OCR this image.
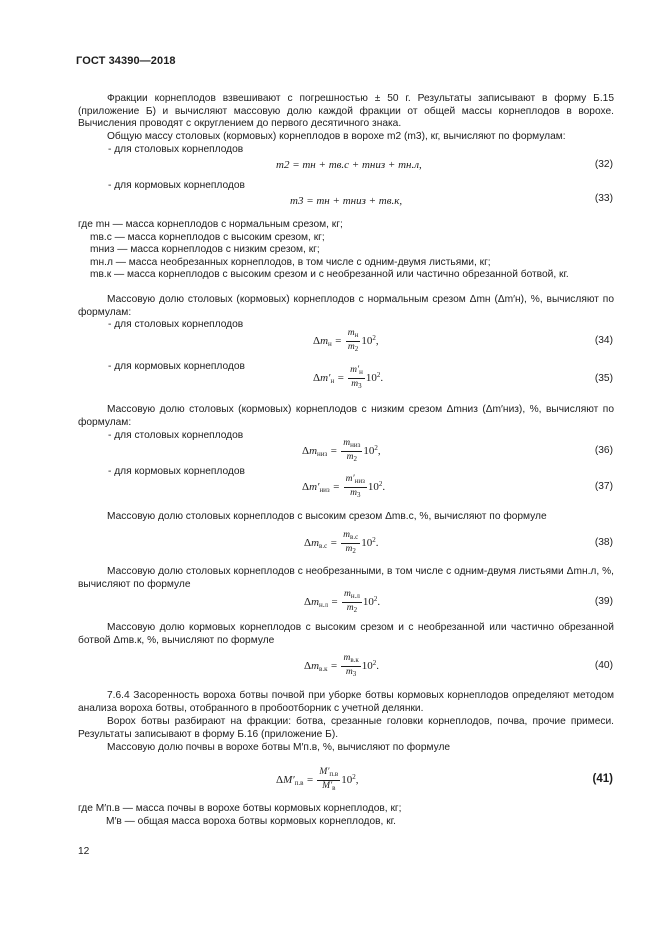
ГОСТ 34390—2018
Фракции корнеплодов взвешивают с погрешностью ± 50 г. Результаты записывают в форму Б.15 (приложение Б) и вычисляют массовую долю каждой фракции от общей массы корнеплодов в ворохе. Вычисления проводят с округлением до первого десятичного знака.
Общую массу столовых (кормовых) корнеплодов в ворохе m2 (m3), кг, вычисляют по формулам:
- для столовых корнеплодов
m2 = mн + mв.с + mниз + mн.л,	(32)
- для кормовых корнеплодов
m3 = mн + mниз + mв.к,	(33)
где mн — масса корнеплодов с нормальным срезом, кг;
mв.с — масса корнеплодов с высоким срезом, кг;
mниз — масса корнеплодов с низким срезом, кг;
mн.л — масса необрезанных корнеплодов, в том числе с одним-двумя листьями, кг;
mв.к — масса корнеплодов с высоким срезом и с необрезанной или частично обрезанной ботвой, кг.
Массовую долю столовых (кормовых) корнеплодов с нормальным срезом Δmн (Δm′н), %, вычисляют по формулам:
- для столовых корнеплодов
$\Delta m_н = \frac{m_н}{m_2} 10^2$,	(34)
- для кормовых корнеплодов
$\Delta m'_н = \frac{m'_н}{m_3} 10^2$.	(35)
Массовую долю столовых (кормовых) корнеплодов с низким срезом Δmниз (Δm′низ), %, вычисляют по формулам:
- для столовых корнеплодов
$\Delta m_{низ} = \frac{m_{низ}}{m_2} 10^2$,	(36)
- для кормовых корнеплодов
$\Delta m'_{низ} = \frac{m'_{низ}}{m_3} 10^2$.	(37)
Массовую долю столовых корнеплодов с высоким срезом Δmв.с, %, вычисляют по формуле
$\Delta m_{в.с} = \frac{m_{в.с}}{m_2} 10^2$.	(38)
Массовую долю столовых корнеплодов с необрезанными, в том числе с одним-двумя листьями Δmн.л, %, вычисляют по формуле
$\Delta m_{н.л} = \frac{m_{н.л}}{m_2} 10^2$.	(39)
Массовую долю кормовых корнеплодов с высоким срезом и с необрезанной или частично обрезанной ботвой Δmв.к, %, вычисляют по формуле
$\Delta m_{в.к} = \frac{m_{в.к}}{m_3} 10^2$.	(40)
7.6.4 Засоренность вороха ботвы почвой при уборке ботвы кормовых корнеплодов определяют методом анализа вороха ботвы, отобранного в пробоотборник с учетной делянки.
Ворох ботвы разбирают на фракции: ботва, срезанные головки корнеплодов, почва, прочие примеси. Результаты записывают в форму Б.16 (приложение Б).
Массовую долю почвы в ворохе ботвы M′п.в, %, вычисляют по формуле
$\Delta M'_{п.в} = \frac{M'_{п.в}}{M'_в} 10^2$,	(41)
где M′п.в — масса почвы в ворохе ботвы кормовых корнеплодов, кг;
M′в — общая масса вороха ботвы кормовых корнеплодов, кг.
12
